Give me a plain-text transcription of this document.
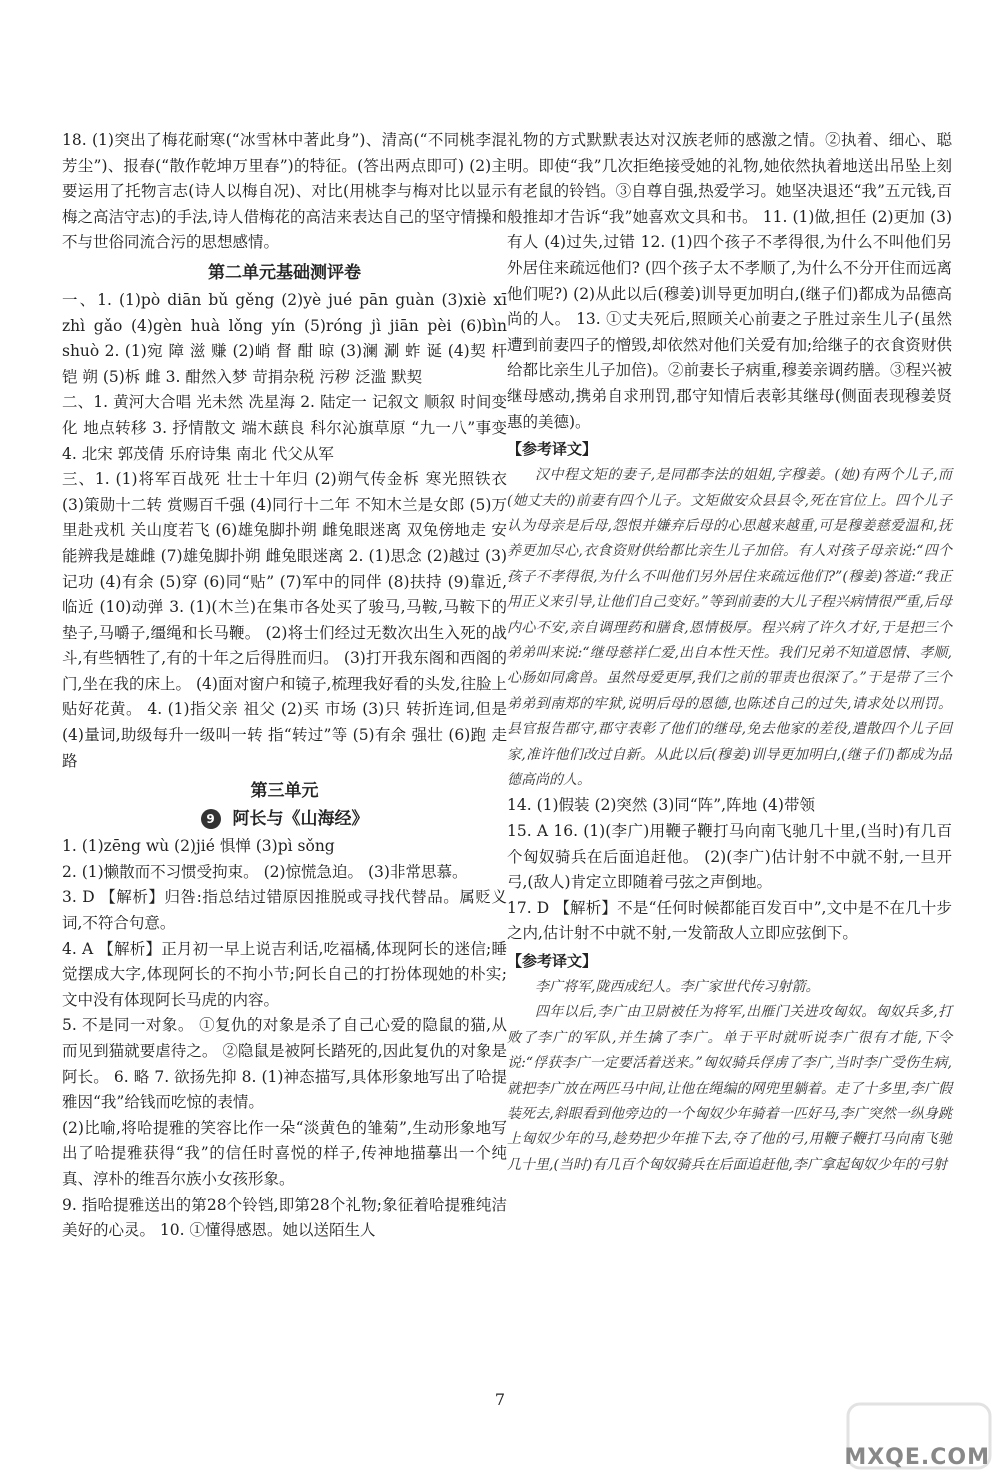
18. (1)突出了梅花耐寒(“冰雪林中著此身”)、清高(“不同桃李混芳尘”)、报春(“散作乾坤万里春”)的特征。(答出两点即可) (2)主要运用了托物言志(诗人以梅自况)、对比(用桃李与梅对比以显示梅之高洁守志)的手法,诗人借梅花的高洁来表达自己的坚守情操和不与世俗同流合污的思想感情。

第二单元基础测评卷

一、1. (1)pò diān bǔ gěng (2)yè jué pān guàn (3)xiè xī zhì gǎo (4)gèn huà lǒng yín (5)róng jì jiān pèi (6)bìn shuò 2. (1)宛 障 滋 赚 (2)峭 督 酣 晾 (3)澜 涮 蚱 诞 (4)契 杆 铠 朔 (5)柝 雌 3. 酣然入梦 苛捐杂税 污秽 泛滥 默契

二、1. 黄河大合唱 光未然 冼星海 2. 陆定一 记叙文 顺叙 时间变化 地点转移 3. 抒情散文 端木蕻良 科尔沁旗草原 “九一八”事变 4. 北宋 郭茂倩 乐府诗集 南北 代父从军

三、1. (1)将军百战死 壮士十年归 (2)朔气传金柝 寒光照铁衣 (3)策勋十二转 赏赐百千强 (4)同行十二年 不知木兰是女郎 (5)万里赴戎机 关山度若飞 (6)雄兔脚扑朔 雌兔眼迷离 双兔傍地走 安能辨我是雄雌 (7)雄兔脚扑朔 雌兔眼迷离 2. (1)思念 (2)越过 (3)记功 (4)有余 (5)穿 (6)同“贴” (7)军中的同伴 (8)扶持 (9)靠近,临近 (10)动弹 3. (1)(木兰)在集市各处买了骏马,马鞍,马鞍下的垫子,马嚼子,缰绳和长马鞭。 (2)将士们经过无数次出生入死的战斗,有些牺牲了,有的十年之后得胜而归。 (3)打开我东阁和西阁的门,坐在我的床上。 (4)面对窗户和镜子,梳理我好看的头发,往脸上贴好花黄。 4. (1)指父亲 祖父 (2)买 市场 (3)只 转折连词,但是 (4)量词,助级每升一级叫一转 指“转过”等 (5)有余 强壮 (6)跑 走路

第三单元
9	阿长与《山海经》

1. (1)zēng wù (2)jié 惧惮 (3)pì sǒng

2. (1)懒散而不习惯受拘束。 (2)惊慌急迫。 (3)非常思慕。

3. D 【解析】归咎:指总结过错原因推脱或寻找代替品。属贬义词,不符合句意。

4. A 【解析】正月初一早上说吉利话,吃福橘,体现阿长的迷信;睡觉摆成大字,体现阿长的不拘小节;阿长自己的打扮体现她的朴实;文中没有体现阿长马虎的内容。

5. 不是同一对象。 ①复仇的对象是杀了自己心爱的隐鼠的猫,从而见到猫就要虐待之。 ②隐鼠是被阿长踏死的,因此复仇的对象是阿长。 6. 略 7. 欲扬先抑 8. (1)神态描写,具体形象地写出了哈提雅因“我”给钱而吃惊的表情。

(2)比喻,将哈提雅的笑容比作一朵“淡黄色的雏菊”,生动形象地写出了哈提雅获得“我”的信任时喜悦的样子,传神地描摹出一个纯真、淳朴的维吾尔族小女孩形象。

9. 指哈提雅送出的第28个铃铛,即第28个礼物;象征着哈提雅纯洁美好的心灵。 10. ①懂得感恩。她以送陌生人

礼物的方式默默表达对汉族老师的感激之情。②执着、细心、聪明。即使“我”几次拒绝接受她的礼物,她依然执着地送出吊坠上刻有老鼠的铃铛。③自尊自强,热爱学习。她坚决退还“我”五元钱,百般推却才告诉“我”她喜欢文具和书。 11. (1)做,担任 (2)更加 (3)有人 (4)过失,过错 12. (1)四个孩子不孝得很,为什么不叫他们另外居住来疏远他们? (四个孩子太不孝顺了,为什么不分开住而远离他们呢?) (2)从此以后(穆姜)训导更加明白,(继子们)都成为品德高尚的人。 13. ①丈夫死后,照顾关心前妻之子胜过亲生儿子(虽然遭到前妻四子的憎毁,却依然对他们关爱有加;给继子的衣食资财供给都比亲生儿子加倍)。②前妻长子病重,穆姜亲调药膳。③程兴被继母感动,携弟自求刑罚,郡守知情后表彰其继母(侧面表现穆姜贤惠的美德)。

【参考译文】

汉中程文矩的妻子,是同郡李法的姐姐,字穆姜。(她)有两个儿子,而(她丈夫的)前妻有四个儿子。文矩做安众县县令,死在官位上。四个儿子认为母亲是后母,怨恨并嫌弃后母的心思越来越重,可是穆姜慈爱温和,抚养更加尽心,衣食资财供给都比亲生儿子加倍。有人对孩子母亲说:“四个孩子不孝得很,为什么不叫他们另外居住来疏远他们?”(穆姜)答道:“我正用正义来引导,让他们自己变好。”等到前妻的大儿子程兴病情很严重,后母内心不安,亲自调理药和膳食,恩情极厚。程兴病了许久才好,于是把三个弟弟叫来说:“继母慈祥仁爱,出自本性天性。我们兄弟不知道恩情、孝顺,心肠如同禽兽。虽然母爱更厚,我们之前的罪责也很深了。”于是带了三个弟弟到南郑的牢狱,说明后母的恩德,也陈述自己的过失,请求处以刑罚。县官报告郡守,郡守表彰了他们的继母,免去他家的差役,遣散四个儿子回家,准许他们改过自新。从此以后(穆姜)训导更加明白,(继子们)都成为品德高尚的人。

14. (1)假装 (2)突然 (3)同“阵”,阵地 (4)带领

15. A 16. (1)(李广)用鞭子鞭打马向南飞驰几十里,(当时)有几百个匈奴骑兵在后面追赶他。 (2)(李广)估计射不中就不射,一旦开弓,(敌人)肯定立即随着弓弦之声倒地。

17. D 【解析】不是“任何时候都能百发百中”,文中是不在几十步之内,估计射不中就不射,一发箭敌人立即应弦倒下。

【参考译文】

李广将军,陇西成纪人。李广家世代传习射箭。

四年以后,李广由卫尉被任为将军,出雁门关进攻匈奴。匈奴兵多,打败了李广的军队,并生擒了李广。单于平时就听说李广很有才能,下令说:“俘获李广一定要活着送来。”匈奴骑兵俘虏了李广,当时李广受伤生病,就把李广放在两匹马中间,让他在绳编的网兜里躺着。走了十多里,李广假装死去,斜眼看到他旁边的一个匈奴少年骑着一匹好马,李广突然一纵身跳上匈奴少年的马,趁势把少年推下去,夺了他的弓,用鞭子鞭打马向南飞驰几十里,(当时)有几百个匈奴骑兵在后面追赶他,李广拿起匈奴少年的弓射

7
MXQE.COM
